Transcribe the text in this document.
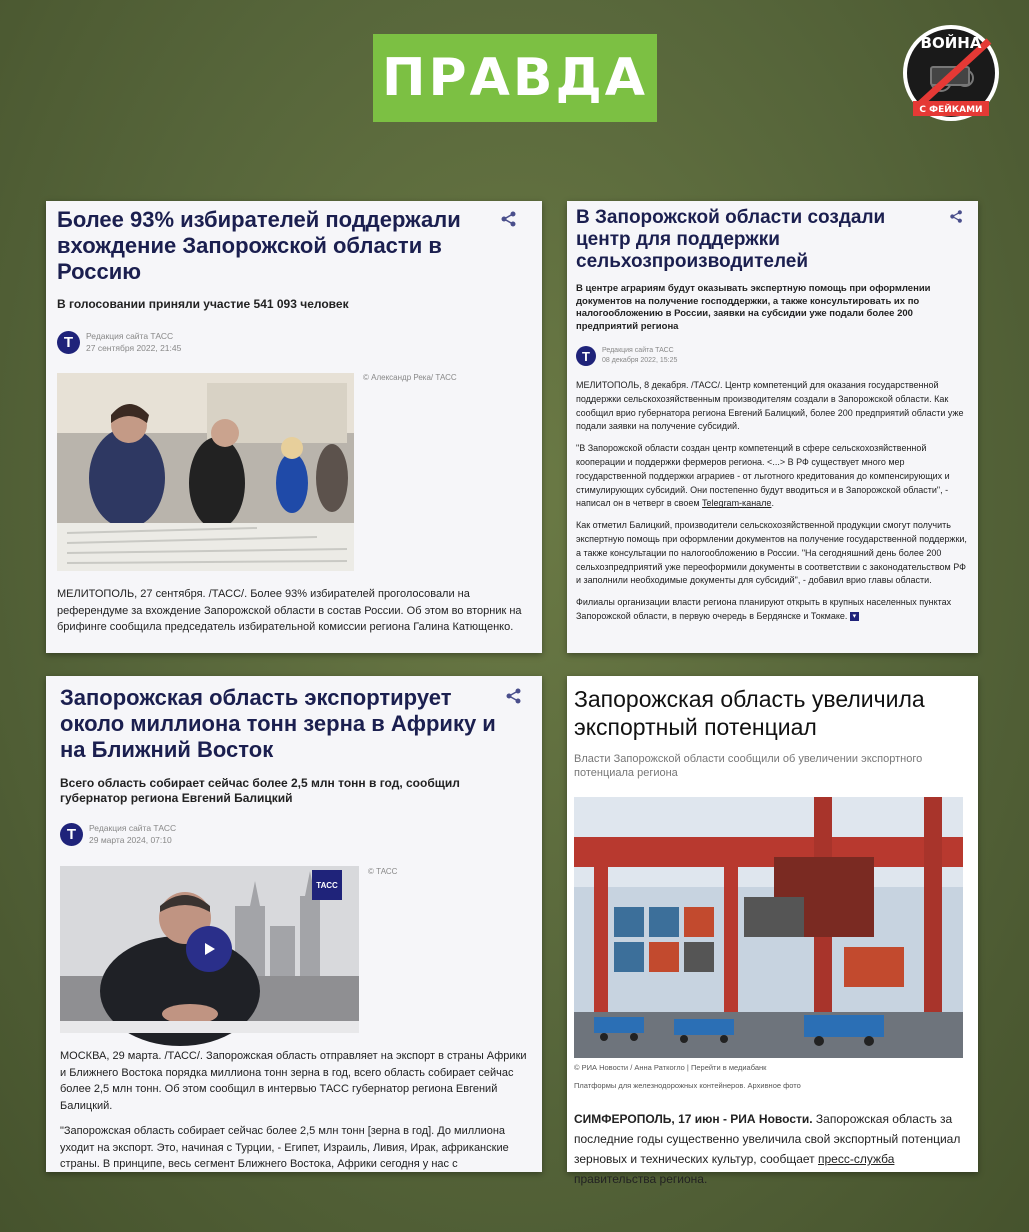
ПРАВДА
ВОЙНА
С ФЕЙКАМИ
Более 93% избирателей поддержали вхождение Запорожской области в Россию

В голосовании приняли участие 541 093 человек

T	Редакция сайта ТАСС
27 сентября 2022, 21:45
© Александр Река/ ТАСС

МЕЛИТОПОЛЬ, 27 сентября. /ТАСС/. Более 93% избирателей проголосовали на референдуме за вхождение Запорожской области в состав России. Об этом во вторник на брифинге сообщила председатель избирательной комиссии региона Галина Катющенко.

В Запорожской области создали центр для поддержки сельхозпроизводителей

В центре аграриям будут оказывать экспертную помощь при оформлении документов на получение господдержки, а также консультировать их по налогообложению в России, заявки на субсидии уже подали более 200 предприятий региона

T	Редакция сайта ТАСС
08 декабря 2022, 15:25

МЕЛИТОПОЛЬ, 8 декабря. /ТАСС/. Центр компетенций для оказания государственной поддержки сельскохозяйственным производителям создали в Запорожской области. Как сообщил врио губернатора региона Евгений Балицкий, более 200 предприятий области уже подали заявки на получение субсидий.

"В Запорожской области создан центр компетенций в сфере сельскохозяйственной кооперации и поддержки фермеров региона. <...> В РФ существует много мер государственной поддержки аграриев - от льготного кредитования до компенсирующих и стимулирующих субсидий. Они постепенно будут вводиться и в Запорожской области", - написал он в четверг в своем Telegram-канале.

Как отметил Балицкий, производители сельскохозяйственной продукции смогут получить экспертную помощь при оформлении документов на получение государственной поддержки, а также консультации по налогообложению в России. "На сегодняшний день более 200 сельхозпредприятий уже переоформили документы в соответствии с законодательством РФ и заполнили необходимые документы для субсидий", - добавил врио главы области.

Филиалы организации власти региона планируют открыть в крупных населенных пунктах Запорожской области, в первую очередь в Бердянске и Токмаке. ▾

Запорожская область экспортирует около миллиона тонн зерна в Африку и на Ближний Восток

Всего область собирает сейчас более 2,5 млн тонн в год, сообщил губернатор региона Евгений Балицкий

T	Редакция сайта ТАСС
29 марта 2024, 07:10
ТАСС
© ТАСС

МОСКВА, 29 марта. /ТАСС/. Запорожская область отправляет на экспорт в страны Африки и Ближнего Востока порядка миллиона тонн зерна в год, всего область собирает сейчас более 2,5 млн тонн. Об этом сообщил в интервью ТАСС губернатор региона Евгений Балицкий.

"Запорожская область собирает сейчас более 2,5 млн тонн [зерна в год]. До миллиона уходит на экспорт. Это, начиная с Турции, - Египет, Израиль, Ливия, Ирак, африканские страны. В принципе, весь сегмент Ближнего Востока, Африки сегодня у нас с

Запорожская область увеличила экспортный потенциал

Власти Запорожской области сообщили об увеличении экспортного потенциала региона

© РИА Новости / Анна Раткогло | Перейти в медиабанк
Платформы для железнодорожных контейнеров. Архивное фото

СИМФЕРОПОЛЬ, 17 июн - РИА Новости. Запорожская область за последние годы существенно увеличила свой экспортный потенциал зерновых и технических культур, сообщает пресс-служба правительства региона.
